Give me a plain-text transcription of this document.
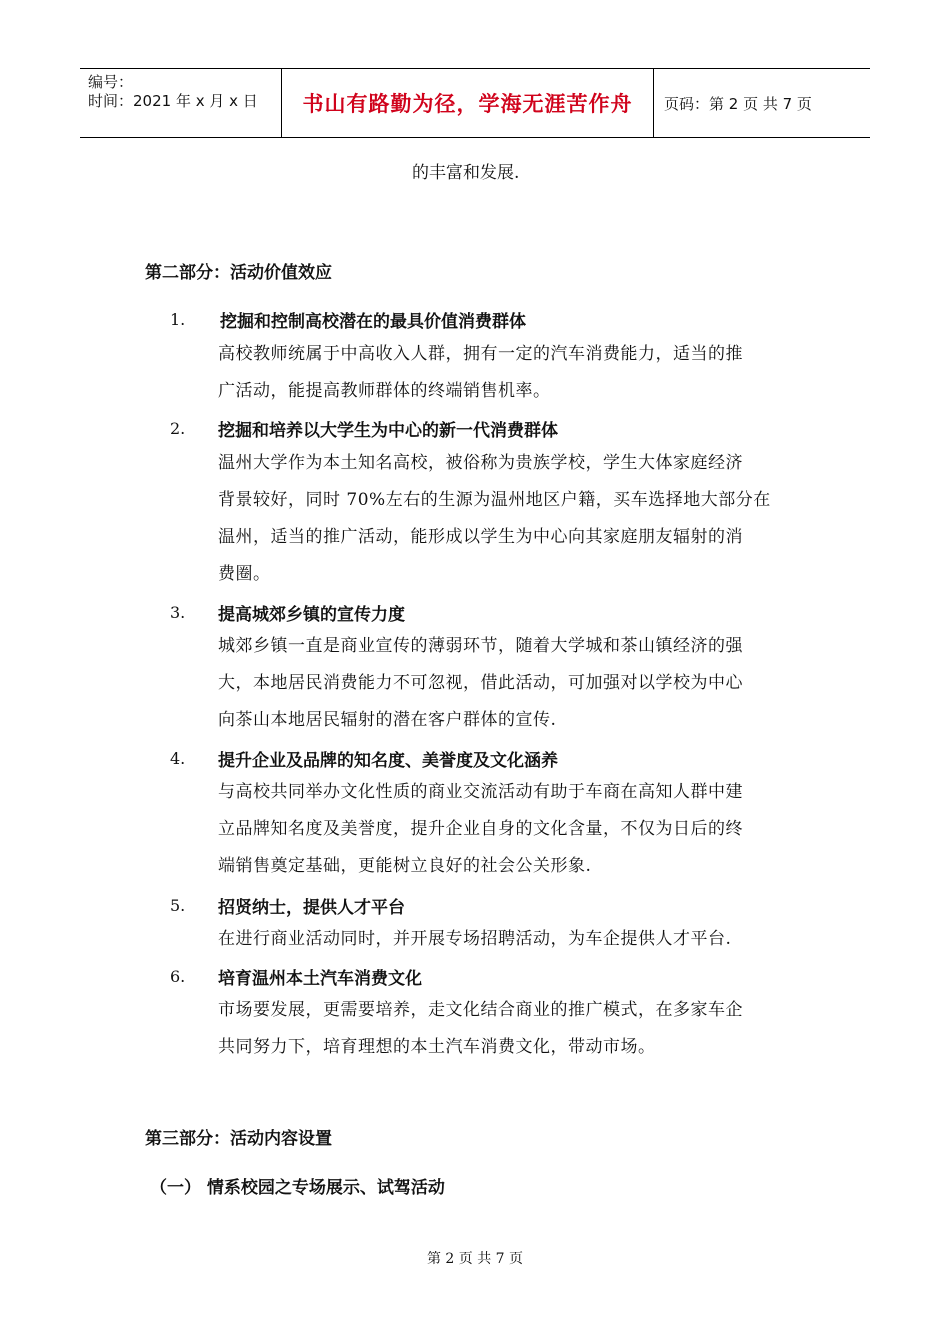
编号：
时间：2021 年 x 月 x 日	书山有路勤为径，学海无涯苦作舟	页码：第 2 页 共 7 页
的丰富和发展.
第二部分：活动价值效应
1. 挖掘和控制高校潜在的最具价值消费群体
高校教师统属于中高收入人群，拥有一定的汽车消费能力，适当的推
广活动，能提高教师群体的终端销售机率。
2. 挖掘和培养以大学生为中心的新一代消费群体
温州大学作为本土知名高校，被俗称为贵族学校，学生大体家庭经济
背景较好，同时 70%左右的生源为温州地区户籍，买车选择地大部分在
温州，适当的推广活动，能形成以学生为中心向其家庭朋友辐射的消
费圈。
3. 提高城郊乡镇的宣传力度
城郊乡镇一直是商业宣传的薄弱环节，随着大学城和茶山镇经济的强
大，本地居民消费能力不可忽视，借此活动，可加强对以学校为中心
向茶山本地居民辐射的潜在客户群体的宣传.
4. 提升企业及品牌的知名度、美誉度及文化涵养
与高校共同举办文化性质的商业交流活动有助于车商在高知人群中建
立品牌知名度及美誉度，提升企业自身的文化含量，不仅为日后的终
端销售奠定基础，更能树立良好的社会公关形象.
5. 招贤纳士，提供人才平台
在进行商业活动同时，并开展专场招聘活动，为车企提供人才平台.
6. 培育温州本土汽车消费文化
市场要发展，更需要培养，走文化结合商业的推广模式，在多家车企
共同努力下，培育理想的本土汽车消费文化，带动市场。
第三部分：活动内容设置
（一） 情系校园之专场展示、试驾活动
第 2 页 共 7 页
